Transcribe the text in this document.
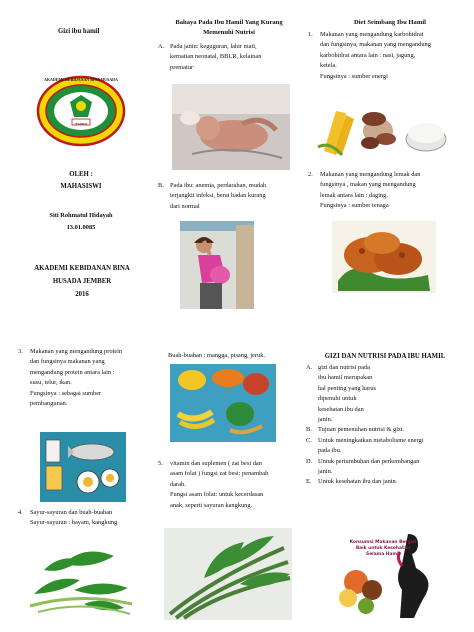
Gizi ibu hamil
AKADEMI KEBIDANAN BINA HUSADA
JEMBER
OLEH :
MAHASISWI
Siti Rohmatul Hidayah
13.01.0085
AKADEMI KEBIDANAN BINA
HUSADA JEMBER
2016
Bahaya Pada Ibu Hamil Yang Kurang
Memenuhi Nutrisi
A. Pada janin: keguguran, lahir mati,
kematian neonatal, BBLR, kelainan
prematur
B. Pada ibu: anemia, perdarahan, mudah
terjangkit infeksi, berat badan kurang
dari normal
Diet Seimbang Ibu Hamil
1. Makanan yang mengandung karbohidrat
dan fungsinya, makanan yang mengandung
karbohidrat antara lain : nasi, jagung,
ketela.
Fungsinya : sumber energi
2. Makanan yang mengandung lemak dan
fungsinya , makan yang mengandung
lemak antara lain : daging.
Fungsinya : sumber tenaga
3. Makanan yang mengandung protein
dan fungsinya makanan yang
mengandung protein antara lain :
susu, telur, ikan.
Fungsinya : sebagai sumber
pembangunan.
4. Sayur-sayuran dan buah-buahan
Sayur-sayuran : bayam, kangkung
Buah-buahan : mangga, pisang, jeruk.
5. vitamin dan suplemen ( zat besi dan
asam folat ) fungsi zat besi: penambah
darah.
Fungsi asam folat: untuk kecerdasan
anak, seperti sayuran kangkung.
GIZI DAN NUTRISI PADA IBU HAMIL
A. gizi dan nutrisi pada
ibu hamil merupakan
hal penting yang harus
dipenuhi untuk
kesehatan ibu dan
janin.
B. Tujuan pemenuhan nutrisi & gizi.
C. Untuk meningkatkan metabolisme energi
pada ibu.
D. Untuk pertumbuhan dan perkembangan
janin.
E. Untuk kesehatan ibu dan janin.
Konsumsi Makanan Bergizi
Baik untuk Kesehatan
Selama Hamil
